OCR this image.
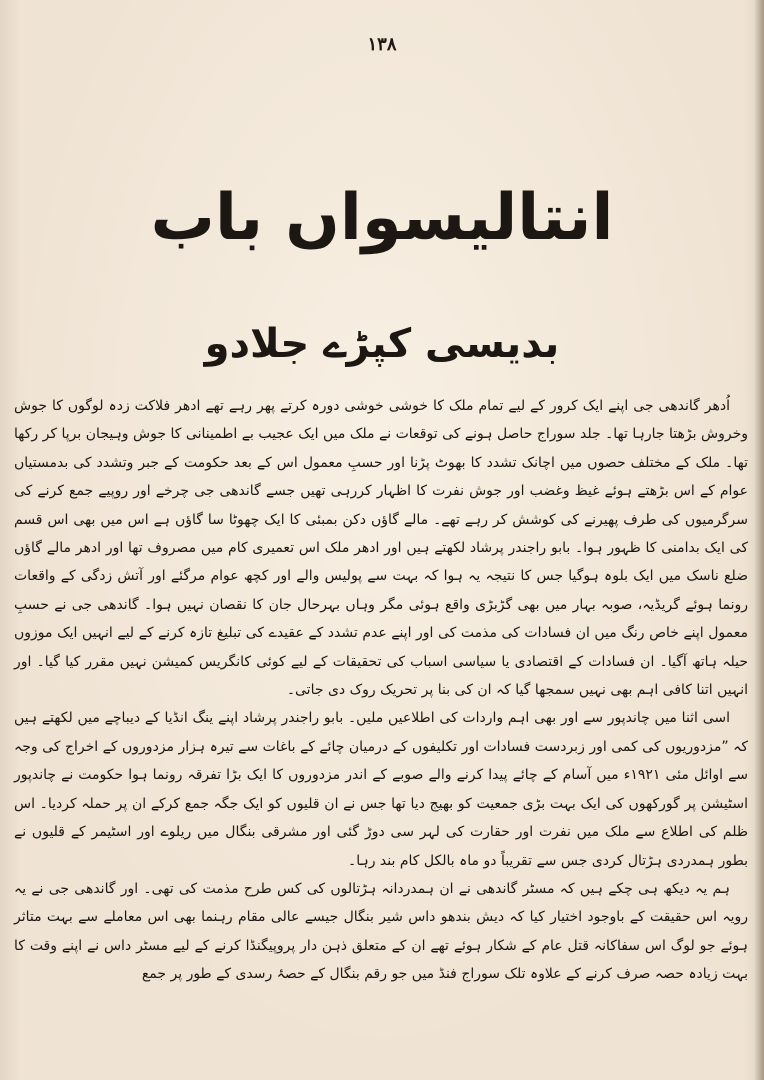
۱۳۸
انتالیسواں باب
بدیسی کپڑے جلادو

اُدھر گاندھی جی اپنے ایک کرور کے لیے تمام ملک کا خوشی خوشی دورہ کرتے پھر رہے تھے ادھر فلاکت زدہ لوگوں کا جوش وخروش بڑھتا جارہا تھا۔ جلد سوراج حاصل ہونے کی توقعات نے ملک میں ایک عجیب بے اطمینانی کا جوش وہیجان برپا کر رکھا تھا۔ ملک کے مختلف حصوں میں اچانک تشدد کا بھوٹ پڑنا اور حسبِ معمول اس کے بعد حکومت کے جبر وتشدد کی بدمستیاں عوام کے اس بڑھتے ہوئے غیظ وغضب اور جوش نفرت کا اظہار کررہی تھیں جسے گاندھی جی چرخے اور روپیے جمع کرنے کی سرگرمیوں کی طرف پھیرنے کی کوشش کر رہے تھے۔ مالے گاؤں دکن بمبئی کا ایک چھوٹا سا گاؤں ہے اس میں بھی اس قسم کی ایک بدامنی کا ظہور ہوا۔ بابو راجندر پرشاد لکھتے ہیں اور ادھر ملک اس تعمیری کام میں مصروف تھا اور ادھر مالے گاؤں ضلع ناسک میں ایک بلوہ ہوگیا جس کا نتیجہ یہ ہوا کہ بہت سے پولیس والے اور کچھ عوام مرگئے اور آتش زدگی کے واقعات رونما ہوئے گریڈیہ، صوبہ بہار میں بھی گڑبڑی واقع ہوئی مگر وہاں بہرحال جان کا نقصان نہیں ہوا۔ گاندھی جی نے حسبِ معمول اپنے خاص رنگ میں ان فسادات کی مذمت کی اور اپنے عدم تشدد کے عقیدے کی تبلیغ تازہ کرنے کے لیے انہیں ایک موزوں حیلہ ہاتھ آگیا۔ ان فسادات کے اقتصادی یا سیاسی اسباب کی تحقیقات کے لیے کوئی کانگریس کمیشن نہیں مقرر کیا گیا۔ اور انہیں اتنا کافی اہم بھی نہیں سمجھا گیا کہ ان کی بنا پر تحریک روک دی جاتی۔

اسی اثنا میں چاندپور سے اور بھی اہم واردات کی اطلاعیں ملیں۔ بابو راجندر پرشاد اپنے ینگ انڈیا کے دیباچے میں لکھتے ہیں کہ ”مزدوریوں کی کمی اور زبردست فسادات اور تکلیفوں کے درمیان چائے کے باغات سے تیرہ ہزار مزدوروں کے اخراج کی وجہ سے اوائل مئی ۱۹۲۱ء میں آسام کے چائے پیدا کرنے والے صوبے کے اندر مزدوروں کا ایک بڑا تفرقہ رونما ہوا حکومت نے چاندپور اسٹیشن پر گورکھوں کی ایک بہت بڑی جمعیت کو بھیج دیا تھا جس نے ان قلیوں کو ایک جگہ جمع کرکے ان پر حملہ کردیا۔ اس ظلم کی اطلاع سے ملک میں نفرت اور حقارت کی لہر سی دوڑ گئی اور مشرقی بنگال میں ریلوے اور اسٹیمر کے قلیوں نے بطور ہمدردی ہڑتال کردی جس سے تقریباً دو ماہ بالکل کام بند رہا۔

ہم یہ دیکھ ہی چکے ہیں کہ مسٹر گاندھی نے ان ہمدردانہ ہڑتالوں کی کس طرح مذمت کی تھی۔ اور گاندھی جی نے یہ رویہ اس حقیقت کے باوجود اختیار کیا کہ دیش بندھو داس شیر بنگال جیسے عالی مقام رہنما بھی اس معاملے سے بہت متاثر ہوئے جو لوگ اس سفاکانہ قتل عام کے شکار ہوئے تھے ان کے متعلق ذہن دار پروپیگنڈا کرنے کے لیے مسٹر داس نے اپنے وقت کا بہت زیادہ حصہ صرف کرنے کے علاوہ تلک سوراج فنڈ میں جو رقم بنگال کے حصۂ رسدی کے طور پر جمع
